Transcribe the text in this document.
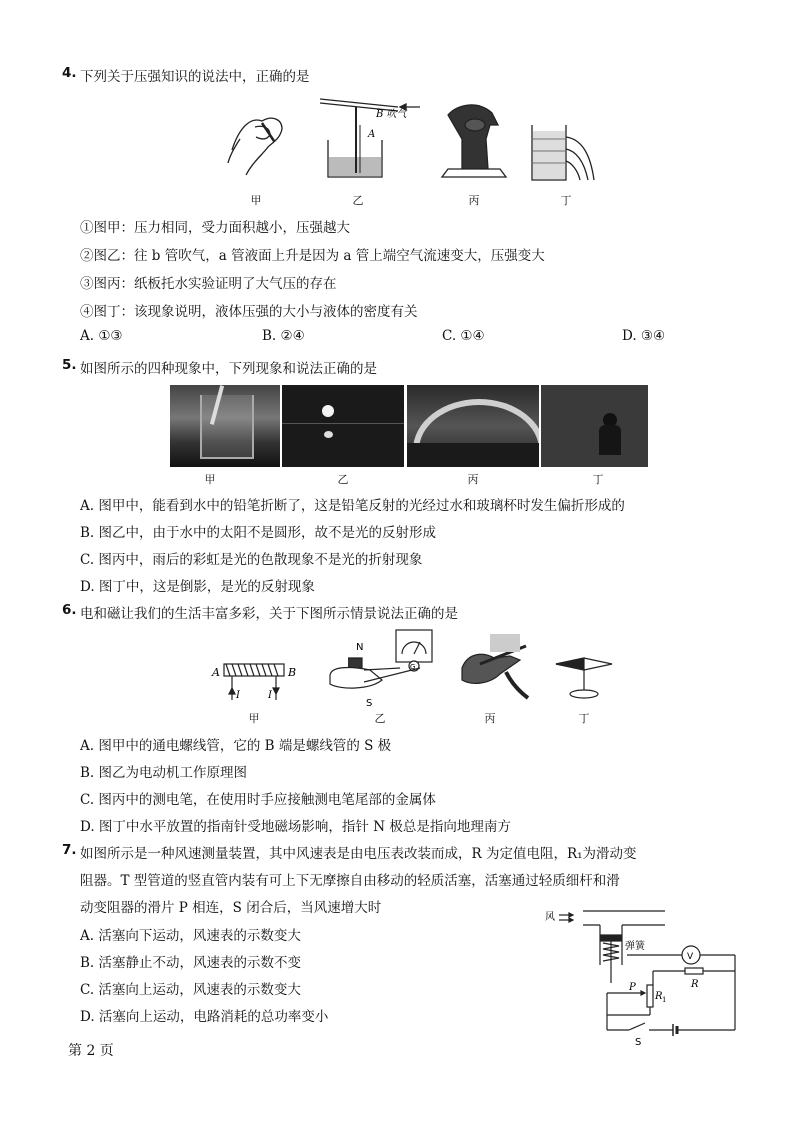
4. 下列关于压强知识的说法中，正确的是
B 吹气
A
甲	乙	丙	丁
①图甲：压力相同，受力面积越小，压强越大
②图乙：往 b 管吹气，a 管液面上升是因为 a 管上端空气流速变大，压强变大
③图丙：纸板托水实验证明了大气压的存在
④图丁：该现象说明，液体压强的大小与液体的密度有关
A. ①③	B. ②④	C. ①④	D. ③④
5. 如图所示的四种现象中，下列现象和说法正确的是
甲	乙	丙	丁
A. 图甲中，能看到水中的铅笔折断了，这是铅笔反射的光经过水和玻璃杯时发生偏折形成的
B. 图乙中，由于水中的太阳不是圆形，故不是光的反射形成
C. 图丙中，雨后的彩虹是光的色散现象不是光的折射现象
D. 图丁中，这是倒影，是光的反射现象
6. 电和磁让我们的生活丰富多彩，关于下图所示情景说法正确的是
A	B
I	I
N
S
G
甲	乙	丙	丁
A. 图甲中的通电螺线管，它的 B 端是螺线管的 S 极
B. 图乙为电动机工作原理图
C. 图丙中的测电笔，在使用时手应接触测电笔尾部的金属体
D. 图丁中水平放置的指南针受地磁场影响，指针 N 极总是指向地理南方
7. 如图所示是一种风速测量装置，其中风速表是由电压表改装而成，R 为定值电阻，R₁为滑动变
阻器。T 型管道的竖直管内装有可上下无摩擦自由移动的轻质活塞，活塞通过轻质细杆和滑
动变阻器的滑片 P 相连，S 闭合后，当风速增大时
A. 活塞向下运动，风速表的示数变大
B. 活塞静止不动，风速表的示数不变
C. 活塞向上运动，风速表的示数变大
D. 活塞向上运动，电路消耗的总功率变小
风
弹簧
V
P
R 1
R
S
第 2 页
